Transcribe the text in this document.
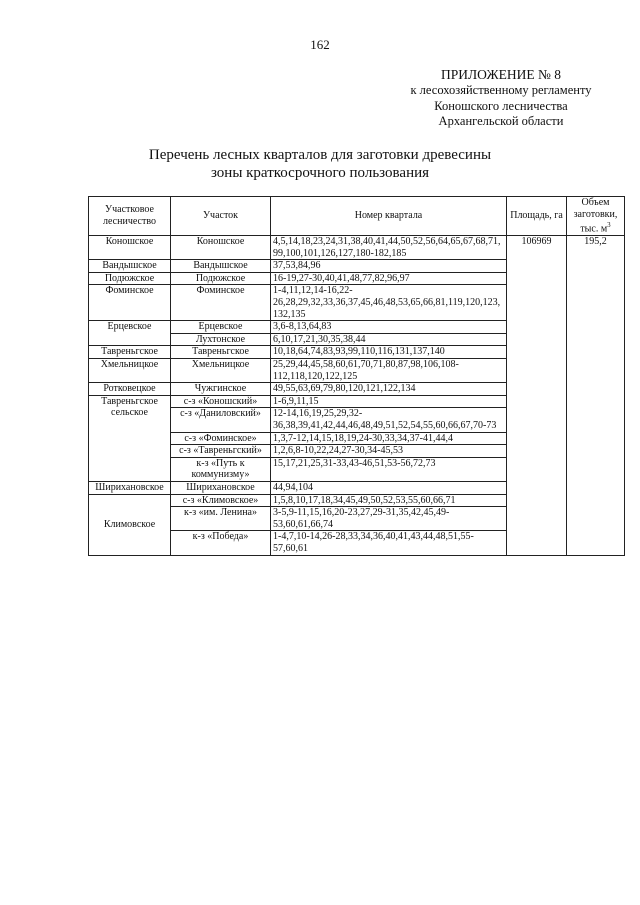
162
ПРИЛОЖЕНИЕ № 8
к лесохозяйственному регламенту
Коношского лесничества
Архангельской области
Перечень лесных кварталов для заготовки древесины
зоны краткосрочного пользования
Участковое лесничество	Участок	Номер квартала	Площадь, га	Объем заготовки, тыс. $м^3$
Коношское	Коношское	4,5,14,18,23,24,31,38,40,41,44,50,52,56,64,65,67,68,71,99,100,101,126,127,180-182,185	106969	195,2
Вандышское	Вандышское	37,53,84,96		
Подюжское	Подюжское	16-19,27-30,40,41,48,77,82,96,97		
Фоминское	Фоминское	1-4,11,12,14-16,22-26,28,29,32,33,36,37,45,46,48,53,65,66,81,119,120,123,132,135		
Ерцевское	Ерцевское	3,6-8,13,64,83		
	Лухтонское	6,10,17,21,30,35,38,44		
Тавреньгское	Тавреньгское	10,18,64,74,83,93,99,110,116,131,137,140		
Хмельницкое	Хмельницкое	25,29,44,45,58,60,61,70,71,80,87,98,106,108-112,118,120,122,125		
Ротковецкое	Чужгинское	49,55,63,69,79,80,120,121,122,134		
Тавреньгское сельское	с-з «Коношский»	1-6,9,11,15		
	с-з «Даниловский»	12-14,16,19,25,29,32-36,38,39,41,42,44,46,48,49,51,52,54,55,60,66,67,70-73		
	с-з «Фоминское»	1,3,7-12,14,15,18,19,24-30,33,34,37-41,44,4		
	с-з «Тавреньгский»	1,2,6,8-10,22,24,27-30,34-45,53		
	к-з «Путь к коммунизму»	15,17,21,25,31-33,43-46,51,53-56,72,73		
Ширихановское	Ширихановское	44,94,104		
Климовское	с-з «Климовское»	1,5,8,10,17,18,34,45,49,50,52,53,55,60,66,71		
	к-з «им. Ленина»	3-5,9-11,15,16,20-23,27,29-31,35,42,45,49-53,60,61,66,74		
	к-з «Победа»	1-4,7,10-14,26-28,33,34,36,40,41,43,44,48,51,55-57,60,61		
